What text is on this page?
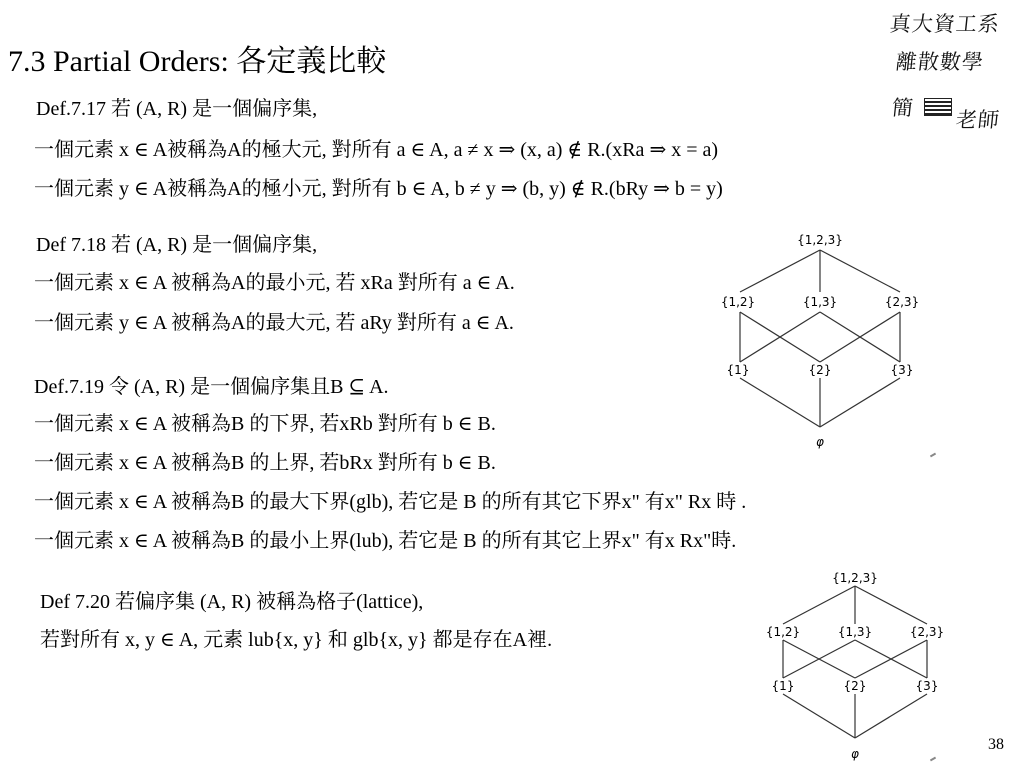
7.3 Partial Orders: 各定義比較
真大資工系
離散數學
簡 老師
Def.7.17 若 (A, R) 是一個偏序集,
一個元素 x ∈ A被稱為A的極大元, 對所有 a ∈ A, a ≠ x ⇒ (x, a) ∉ R.(xRa ⇒ x = a)
一個元素 y ∈ A被稱為A的極小元, 對所有 b ∈ A, b ≠ y ⇒ (b, y) ∉ R.(bRy ⇒ b = y)
Def 7.18 若 (A, R) 是一個偏序集,
一個元素 x ∈ A 被稱為A的最小元, 若 xRa 對所有 a ∈ A.
一個元素 y ∈ A 被稱為A的最大元, 若 aRy 對所有 a ∈ A.
Def.7.19 令 (A, R) 是一個偏序集且B ⊆ A.
一個元素 x ∈ A 被稱為B 的下界, 若xRb 對所有 b ∈ B.
一個元素 x ∈ A 被稱為B 的上界, 若bRx 對所有 b ∈ B.
一個元素 x ∈ A 被稱為B 的最大下界(glb), 若它是 B 的所有其它下界x" 有x" Rx 時 .
一個元素 x ∈ A 被稱為B 的最小上界(lub), 若它是 B 的所有其它上界x" 有x Rx"時.
Def 7.20 若偏序集 (A, R) 被稱為格子(lattice),
若對所有 x, y ∈ A, 元素 lub{x, y} 和 glb{x, y} 都是存在A裡.
{1,2,3}
{1,2}	{1,3}	{2,3}
{1}	{2}	{3}
φ
{1,2,3}
{1,2}	{1,3}	{2,3}
{1}	{2}	{3}
φ
38
